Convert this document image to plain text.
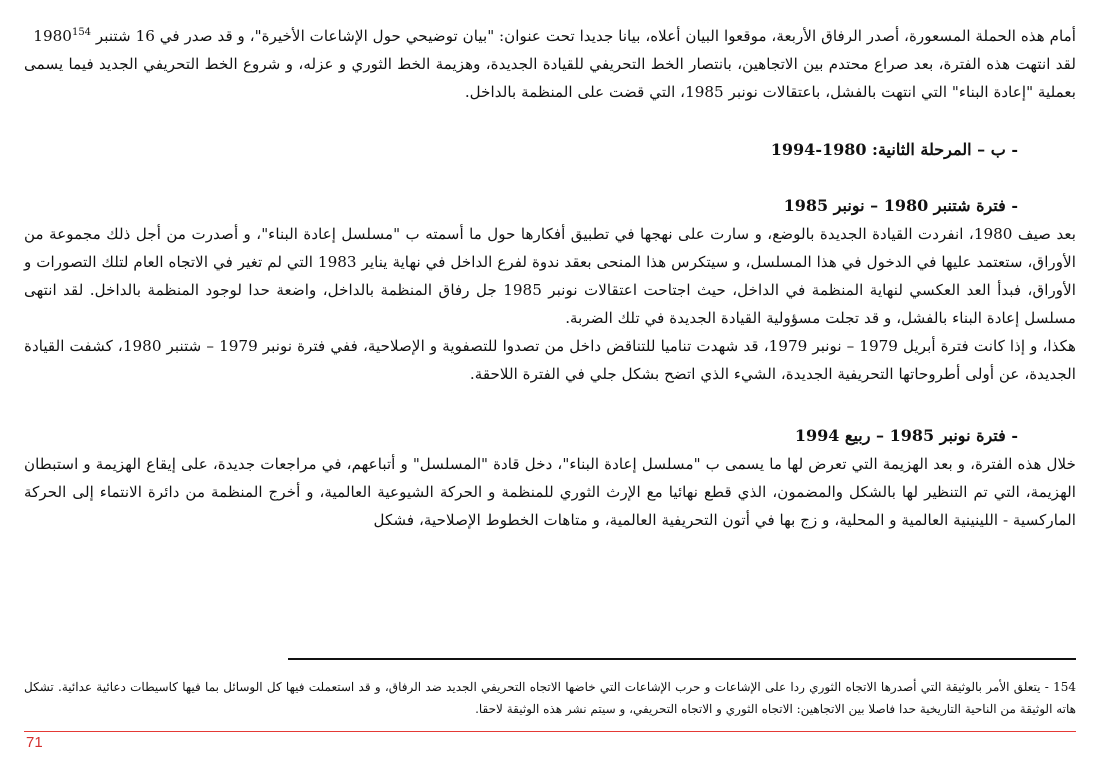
أمام هذه الحملة المسعورة، أصدر الرفاق الأربعة، موقعوا البيان أعلاه، بيانا جديدا تحت عنوان: "بيان توضيحي حول الإشاعات الأخيرة"، و قد صدر في 16 شتنبر 1980$^{154}$

لقد انتهت هذه الفترة، بعد صراع محتدم بين الاتجاهين، بانتصار الخط التحريفي للقيادة الجديدة، وهزيمة الخط الثوري و عزله، و شروع الخط التحريفي الجديد فيما يسمى بعملية "إعادة البناء" التي انتهت بالفشل، باعتقالات نونبر 1985، التي قضت على المنظمة بالداخل.

- ب – المرحلة الثانية: 1980-1994

- فترة شتنبر 1980 – نونبر 1985

بعد صيف 1980، انفردت القيادة الجديدة بالوضع، و سارت على نهجها في تطبيق أفكارها حول ما أسمته ب "مسلسل إعادة البناء"، و أصدرت من أجل ذلك مجموعة من الأوراق، ستعتمد عليها في الدخول في هذا المسلسل، و سيتكرس هذا المنحى بعقد ندوة لفرع الداخل في نهاية يناير 1983 التي لم تغير في الاتجاه العام لتلك التصورات و الأوراق، فبدأ العد العكسي لنهاية المنظمة في الداخل، حيث اجتاحت اعتقالات نونبر 1985 جل رفاق المنظمة بالداخل، واضعة حدا لوجود المنظمة بالداخل. لقد انتهى مسلسل إعادة البناء بالفشل، و قد تجلت مسؤولية القيادة الجديدة في تلك الضربة.

هكذا، و إذا كانت فترة أبريل 1979 – نونبر 1979، قد شهدت تناميا للتناقض داخل من تصدوا للتصفوية و الإصلاحية، ففي فترة نونبر 1979 – شتنبر 1980، كشفت القيادة الجديدة، عن أولى أطروحاتها التحريفية الجديدة، الشيء الذي اتضح بشكل جلي في الفترة اللاحقة.

- فترة نونبر 1985 – ربيع 1994

خلال هذه الفترة، و بعد الهزيمة التي تعرض لها ما يسمى ب "مسلسل إعادة البناء"، دخل قادة "المسلسل" و أتباعهم، في مراجعات جديدة، على إيقاع الهزيمة و استبطان الهزيمة، التي تم التنظير لها بالشكل والمضمون، الذي قطع نهائيا مع الإرث الثوري للمنظمة و الحركة الشيوعية العالمية، و أخرج المنظمة من دائرة الانتماء إلى الحركة الماركسية - اللينينية العالمية و المحلية، و زج بها في أتون التحريفية العالمية، و متاهات الخطوط الإصلاحية، فشكل

154 - يتعلق الأمر بالوثيقة التي أصدرها الاتجاه الثوري ردا على الإشاعات و حرب الإشاعات التي خاضها الاتجاه التحريفي الجديد ضد الرفاق، و قد استعملت فيها كل الوسائل بما فيها كاسيطات دعائية عدائية. تشكل هاته الوثيقة من الناحية التاريخية حدا فاصلا بين الاتجاهين: الاتجاه الثوري و الاتجاه التحريفي، و سيتم نشر هذه الوثيقة لاحقا.

71
